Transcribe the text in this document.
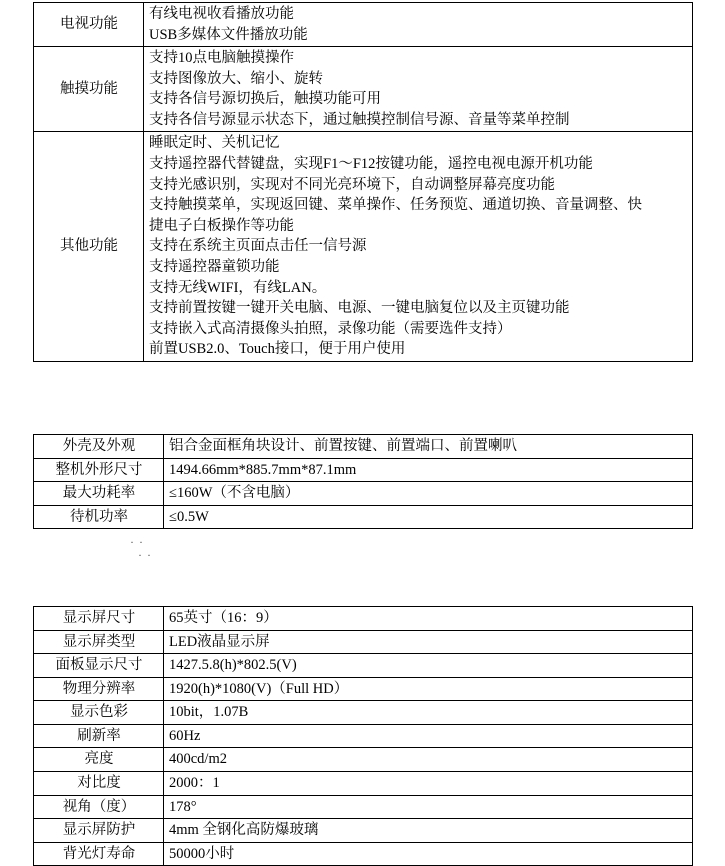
电视功能	有线电视收看播放功能
USB多媒体文件播放功能

触摸功能	支持10点电脑触摸操作
支持图像放大、缩小、旋转
支持各信号源切换后，触摸功能可用
支持各信号源显示状态下，通过触摸控制信号源、音量等菜单控制

其他功能	
睡眠定时、关机记忆
支持遥控器代替键盘，实现F1～F12按键功能，遥控电视电源开机功能
支持光感识别，实现对不同光亮环境下，自动调整屏幕亮度功能
支持触摸菜单，实现返回键、菜单操作、任务预览、通道切换、音量调整、快
捷电子白板操作等功能
支持在系统主页面点击任一信号源
支持遥控器童锁功能
支持无线WIFI，有线LAN。
支持前置按键一键开关电脑、电源、一键电脑复位以及主页键功能
支持嵌入式高清摄像头拍照，录像功能（需要选件支持）
前置USB2.0、Touch接口，便于用户使用
外壳及外观	铝合金面框角块设计、前置按键、前置端口、前置喇叭
整机外形尺寸	1494.66mm*885.7mm*87.1mm
最大功耗率	≤160W（不含电脑）
待机功率	≤0.5W
· ·
· ·
显示屏尺寸	65英寸（16：9）
显示屏类型	LED液晶显示屏
面板显示尺寸	1427.5.8(h)*802.5(V)
物理分辨率	1920(h)*1080(V)（Full HD）
显示色彩	10bit，1.07B
刷新率	60Hz
亮度	400cd/m2
对比度	2000：1
视角（度）	178°
显示屏防护	4mm 全钢化高防爆玻璃
背光灯寿命	50000小时
